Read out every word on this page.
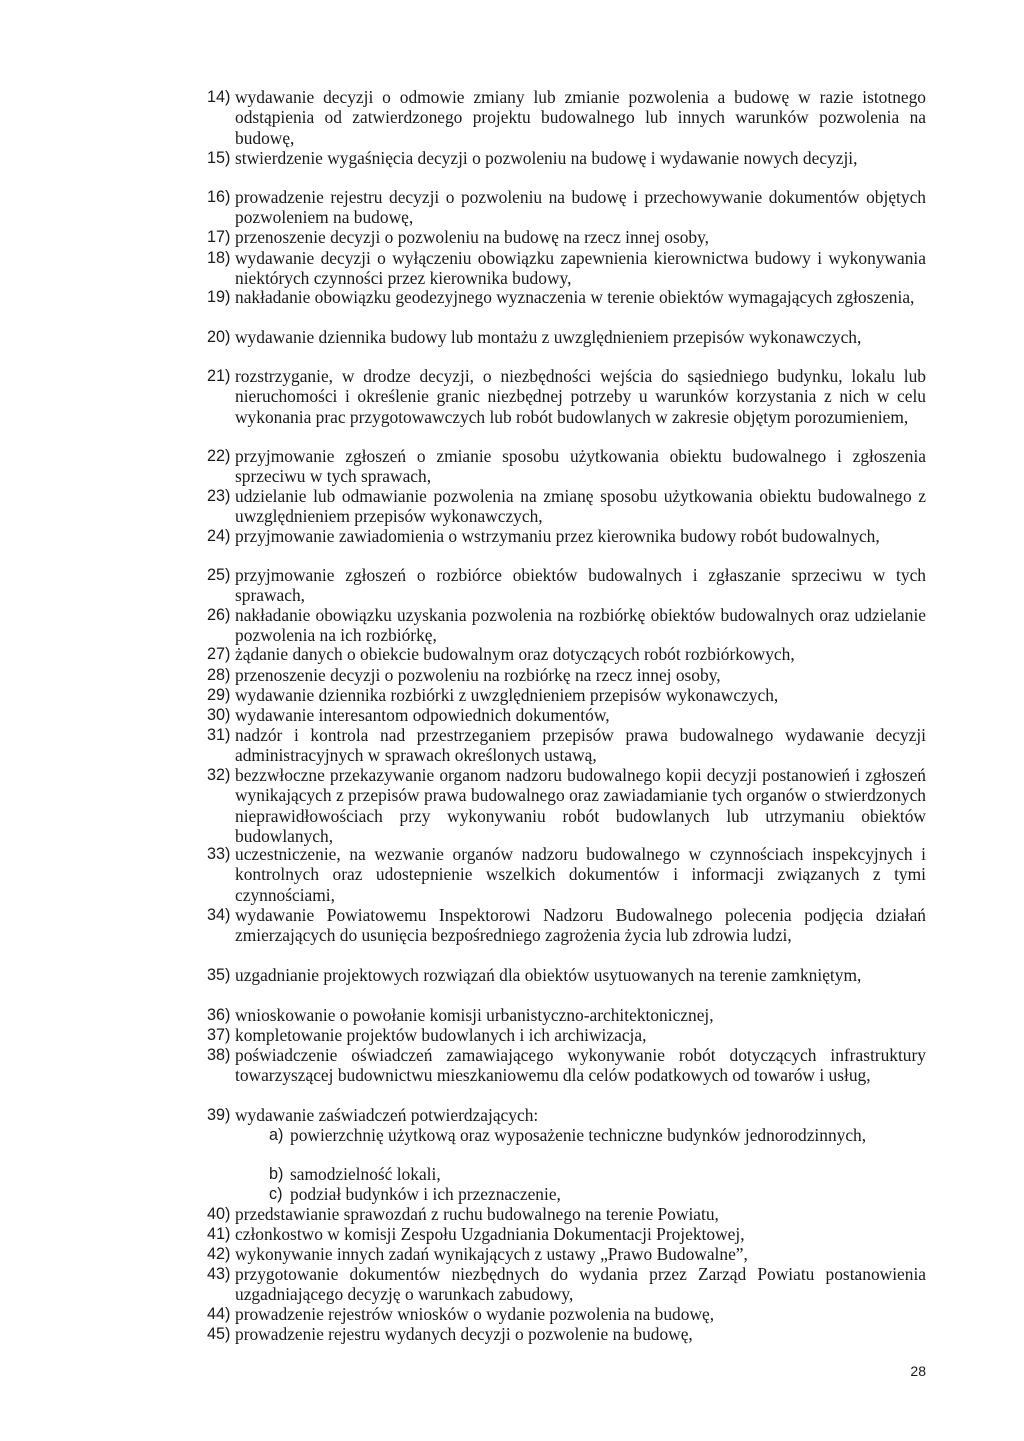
14) wydawanie decyzji o odmowie zmiany lub zmianie pozwolenia a budowę w razie istotnego odstąpienia od zatwierdzonego projektu budowalnego lub innych warunków pozwolenia na budowę,
15) stwierdzenie wygaśnięcia decyzji o pozwoleniu na budowę i wydawanie nowych decyzji,
16) prowadzenie rejestru decyzji o pozwoleniu na budowę i przechowywanie dokumentów objętych pozwoleniem na budowę,
17) przenoszenie decyzji o pozwoleniu na budowę na rzecz innej osoby,
18) wydawanie decyzji o wyłączeniu obowiązku zapewnienia kierownictwa budowy i wykonywania niektórych czynności przez kierownika budowy,
19) nakładanie obowiązku geodezyjnego wyznaczenia w terenie obiektów wymagających zgłoszenia,
20) wydawanie dziennika budowy lub montażu z uwzględnieniem przepisów wykonawczych,
21) rozstrzyganie, w drodze decyzji, o niezbędności wejścia do sąsiedniego budynku, lokalu lub nieruchomości i określenie granic niezbędnej potrzeby u warunków korzystania z nich w celu wykonania prac przygotowawczych lub robót budowlanych w zakresie objętym porozumieniem,
22) przyjmowanie zgłoszeń o zmianie sposobu użytkowania obiektu budowalnego i zgłoszenia sprzeciwu w tych sprawach,
23) udzielanie lub odmawianie pozwolenia na zmianę sposobu użytkowania obiektu budowalnego z uwzględnieniem przepisów wykonawczych,
24) przyjmowanie zawiadomienia o wstrzymaniu przez kierownika budowy robót budowalnych,
25) przyjmowanie zgłoszeń o rozbiórce obiektów budowalnych i zgłaszanie sprzeciwu w tych sprawach,
26) nakładanie obowiązku uzyskania pozwolenia na rozbiórkę obiektów budowalnych oraz udzielanie pozwolenia na ich rozbiórkę,
27) żądanie danych o obiekcie budowalnym oraz dotyczących robót rozbiórkowych,
28) przenoszenie decyzji o pozwoleniu na rozbiórkę na rzecz innej osoby,
29) wydawanie dziennika rozbiórki z uwzględnieniem przepisów wykonawczych,
30) wydawanie interesantom odpowiednich dokumentów,
31) nadzór i kontrola nad przestrzeganiem przepisów prawa budowalnego wydawanie decyzji administracyjnych w sprawach określonych ustawą,
32) bezzwłoczne przekazywanie organom nadzoru budowalnego kopii decyzji postanowień i zgłoszeń wynikających z przepisów prawa budowalnego oraz zawiadamianie tych organów o stwierdzonych nieprawidłowościach przy wykonywaniu robót budowlanych lub utrzymaniu obiektów budowlanych,
33) uczestniczenie, na wezwanie organów nadzoru budowalnego w czynnościach inspekcyjnych i kontrolnych oraz udostepnienie wszelkich dokumentów i informacji związanych z tymi czynnościami,
34) wydawanie Powiatowemu Inspektorowi Nadzoru Budowalnego polecenia podjęcia działań zmierzających do usunięcia bezpośredniego zagrożenia życia lub zdrowia ludzi,
35) uzgadnianie projektowych rozwiązań dla obiektów usytuowanych na terenie zamkniętym,
36) wnioskowanie o powołanie komisji urbanistyczno-architektonicznej,
37) kompletowanie projektów budowlanych i ich archiwizacja,
38) poświadczenie oświadczeń zamawiającego wykonywanie robót dotyczących infrastruktury towarzyszącej budownictwu mieszkaniowemu dla celów podatkowych od towarów i usług,
39) wydawanie zaświadczeń potwierdzających:
40) przedstawianie sprawozdań z ruchu budowalnego na terenie Powiatu,
41) członkostwo w komisji Zespołu Uzgadniania Dokumentacji Projektowej,
42) wykonywanie innych zadań wynikających z ustawy „Prawo Budowalne”,
43) przygotowanie dokumentów niezbędnych do wydania przez Zarząd Powiatu postanowienia uzgadniającego decyzję o warunkach zabudowy,
44) prowadzenie rejestrów wniosków o wydanie pozwolenia na budowę,
45) prowadzenie rejestru wydanych decyzji o pozwolenie na budowę,
a) powierzchnię użytkową oraz wyposażenie techniczne budynków jednorodzinnych,
b) samodzielność lokali,
c) podział budynków i ich przeznaczenie,
28
